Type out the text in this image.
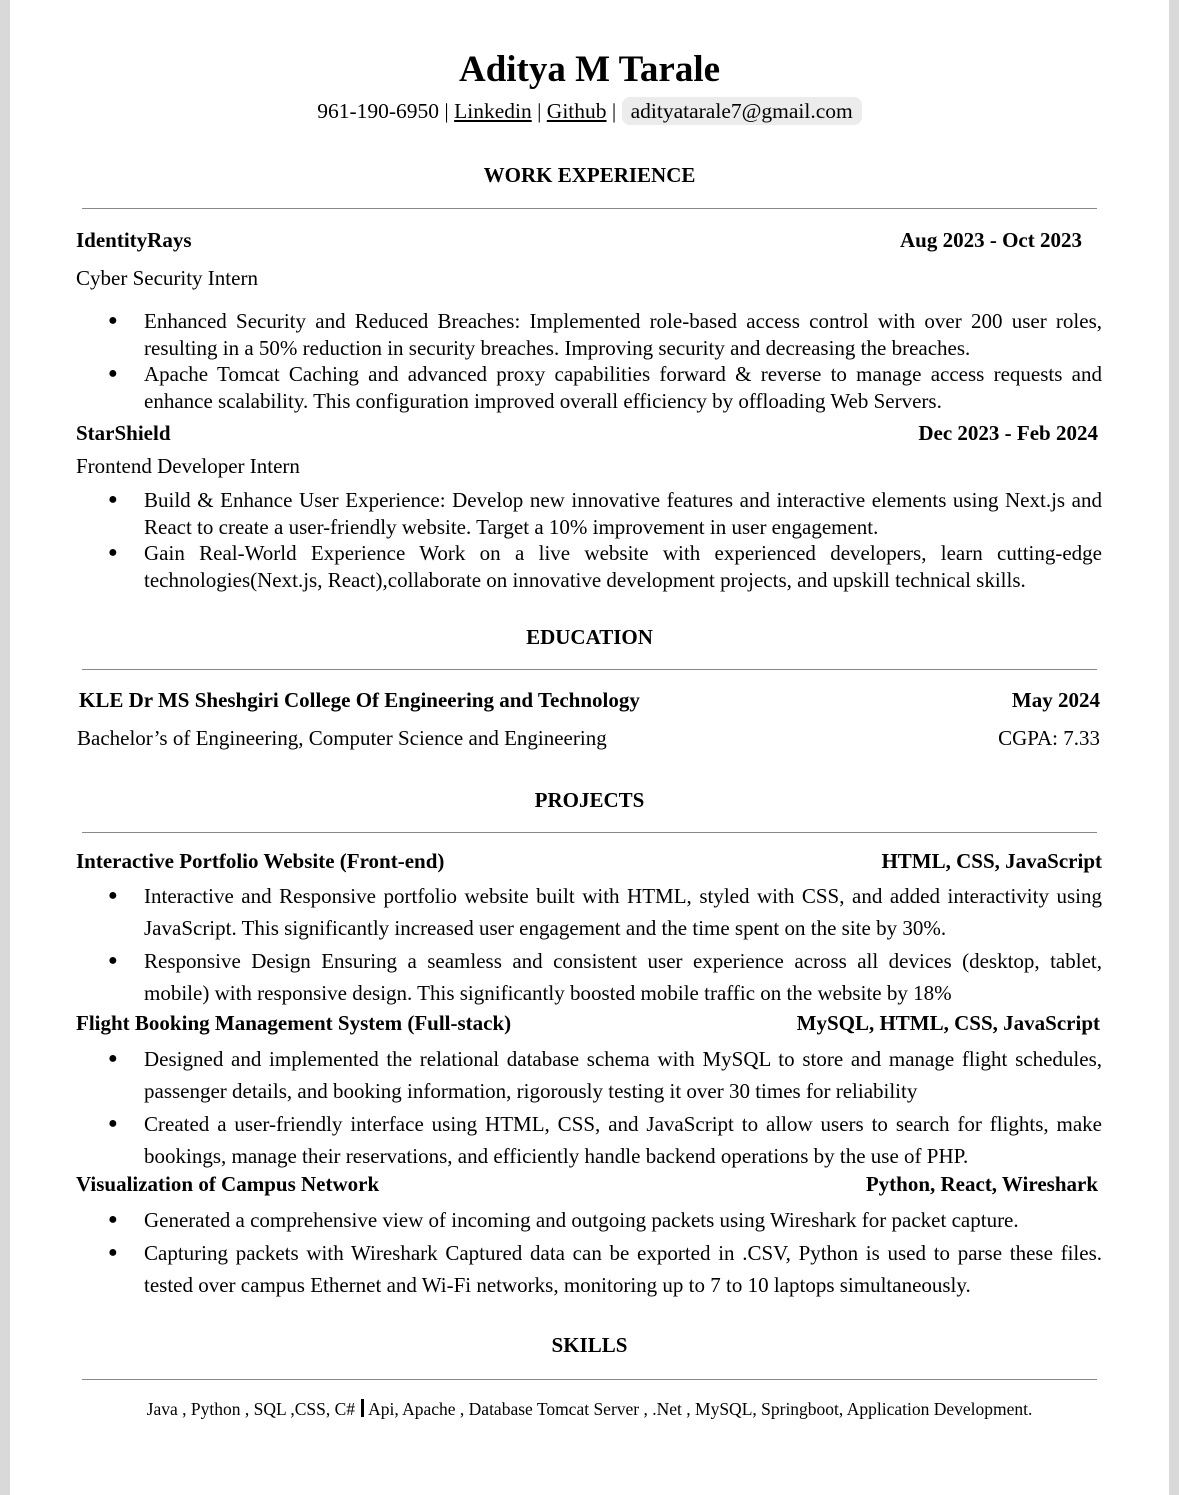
Aditya M Tarale
961-190-6950 | Linkedin | Github | adityatarale7@gmail.com
WORK EXPERIENCE
IdentityRays	Aug 2023 - Oct 2023
Cyber Security Intern
● Enhanced Security and Reduced Breaches: Implemented role-based access control with over 200 user roles, resulting in a 50% reduction in security breaches. Improving security and decreasing the breaches.
● Apache Tomcat Caching and advanced proxy capabilities forward & reverse to manage access requests and enhance scalability. This configuration improved overall efficiency by offloading Web Servers.
StarShield	Dec 2023 - Feb 2024
Frontend Developer Intern
● Build & Enhance User Experience: Develop new innovative features and interactive elements using Next.js and React to create a user-friendly website. Target a 10% improvement in user engagement.
● Gain Real-World Experience Work on a live website with experienced developers, learn cutting-edge technologies(Next.js, React),collaborate on innovative development projects, and upskill technical skills.
EDUCATION
KLE Dr MS Sheshgiri College Of Engineering and Technology	May 2024
Bachelor’s of Engineering, Computer Science and Engineering	CGPA: 7.33
PROJECTS
Interactive Portfolio Website (Front-end)	HTML, CSS, JavaScript
● Interactive and Responsive portfolio website built with HTML, styled with CSS, and added interactivity using JavaScript. This significantly increased user engagement and the time spent on the site by 30%.
● Responsive Design Ensuring a seamless and consistent user experience across all devices (desktop, tablet, mobile) with responsive design. This significantly boosted mobile traffic on the website by 18%
Flight Booking Management System (Full-stack)	MySQL, HTML, CSS, JavaScript
● Designed and implemented the relational database schema with MySQL to store and manage flight schedules, passenger details, and booking information, rigorously testing it over 30 times for reliability
● Created a user-friendly interface using HTML, CSS, and JavaScript to allow users to search for flights, make bookings, manage their reservations, and efficiently handle backend operations by the use of PHP.
Visualization of Campus Network	Python, React, Wireshark
● Generated a comprehensive view of incoming and outgoing packets using Wireshark for packet capture.
● Capturing packets with Wireshark Captured data can be exported in .CSV, Python is used to parse these files. tested over campus Ethernet and Wi-Fi networks, monitoring up to 7 to 10 laptops simultaneously.
SKILLS
Java , Python , SQL ,CSS, C# Api, Apache , Database Tomcat Server , .Net , MySQL, Springboot, Application Development.
